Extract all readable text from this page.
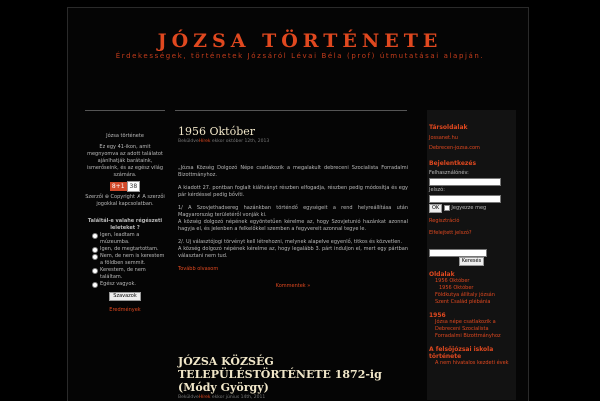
JÓZSA TÖRTÉNETE
Érdekességek, történetek Józsáról Lévai Béla (prof) útmutatásai alapján.
Józsa története
Ez egy 41-ikon, amit megnyomva az adott találatot ajánlhatják barátaink, ismerőseink, és az egész világ számára.
8+1 38
Szerzői ⊕ Copyright ✗ A szerzői jogokkal kapcsolatban.
Találtál-e valahe régészeti leleteket ?
Igen, leadtam a múzeumba.
Igen, de megtartottam.
Nem, de nem is kerestem a földben semmit.
Kerestem, de nem találtam.
Egész vagyok.
Szavazok
Eredmények
1956 Október
BeküldveHírek ekkor október 12th, 2013

„Józsa Község Dolgozó Népe csatlakozik a megalakult debreceni Szocialista Forradalmi Bizottmányhoz.

A kiadott 27. pontban foglalt kiáltványt részben elfogadja, részben pedig módosítja és egy pár kérdéssel pedig bővíti.

1/ A Szovjethadsereg hazánkban történdő egységeit a rend helyreállítása után Magyarország területéről vonják ki.

A község dolgozó népének egyöntetűen kérelme az, hogy Szovjetunió hazánkat azonnal hagyja el, és jelenben a felkelőkkel szemben a fegyvereit azonnal tegye le.

2/. Uj választójogi törvényt kell létrehozni, melynek alapelve egyenlő, titkos és közvetlen.

A község dolgozó népének kérelme az, hogy legalább 3. párt induljon el, mert egy pártban választani nem tud.

Tovább olvasom
Kommentek »
JÓZSA KÖZSÉG TELEPÜLÉSTÖRTÉNETE 1872-ig (Módy György)
BeküldveHírek ekkor június 14th, 2011
Társoldalak
Jossanet.hu
Debrecen-jozsa.com
Bejelentkezés
Felhasználónév:
Jelszó:
OK Jegyezze meg
Regisztráció
Elfelejtett jelszó?
Keresés
Oldalak
1956 Október
1956 Október
Földkutya állítaly józsán
Szent Család plébánia
1956
Józsa népe csatlakozik a Debreceni Szocialista Forradalmi Bizottmányhoz
A felsőjózsai iskola története
A nem hivatalos kezdeti évek
